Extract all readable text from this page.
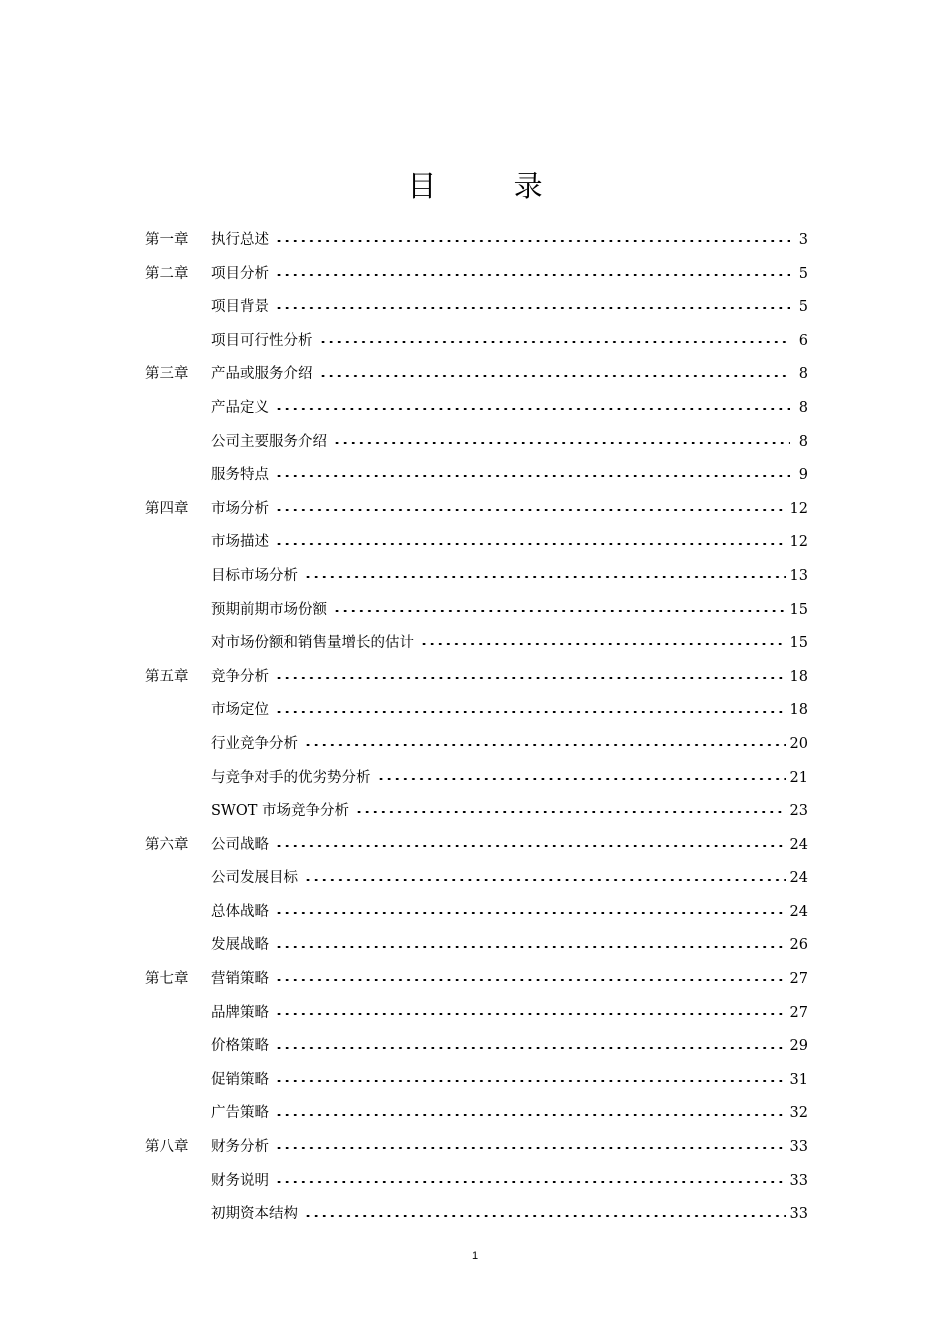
目 录
第一章 执行总述	3
第二章 项目分析	5
项目背景	5
项目可行性分析	6
第三章 产品或服务介绍	8
产品定义	8
公司主要服务介绍	8
服务特点	9
第四章 市场分析	12
市场描述	12
目标市场分析	13
预期前期市场份额	15
对市场份额和销售量增长的估计	15
第五章 竞争分析	18
市场定位	18
行业竞争分析	20
与竞争对手的优劣势分析	21
SWOT 市场竞争分析	23
第六章 公司战略	24
公司发展目标	24
总体战略	24
发展战略	26
第七章 营销策略	27
品牌策略	27
价格策略	29
促销策略	31
广告策略	32
第八章 财务分析	33
财务说明	33
初期资本结构	33
1
